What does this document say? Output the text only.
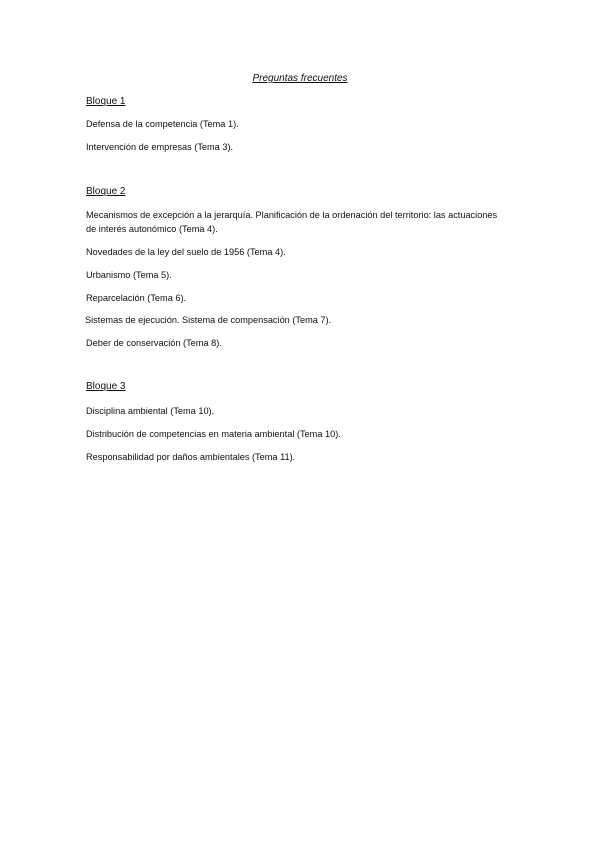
Preguntas frecuentes
Bloque 1
Defensa de la competencia (Tema 1).
Intervención de empresas (Tema 3).
Bloque 2
Mecanismos de excepción a la jerarquía. Planificación de la ordenación del territorio: las actuaciones de interés autonómico (Tema 4).
Novedades de la ley del suelo de 1956 (Tema 4).
Urbanismo (Tema 5).
Reparcelación (Tema 6).
Sistemas de ejecución. Sistema de compensación (Tema 7).
Deber de conservación (Tema 8).
Bloque 3
Disciplina ambiental (Tema 10).
Distribución de competencias en materia ambiental (Tema 10).
Responsabilidad por daños ambientales (Tema 11).
